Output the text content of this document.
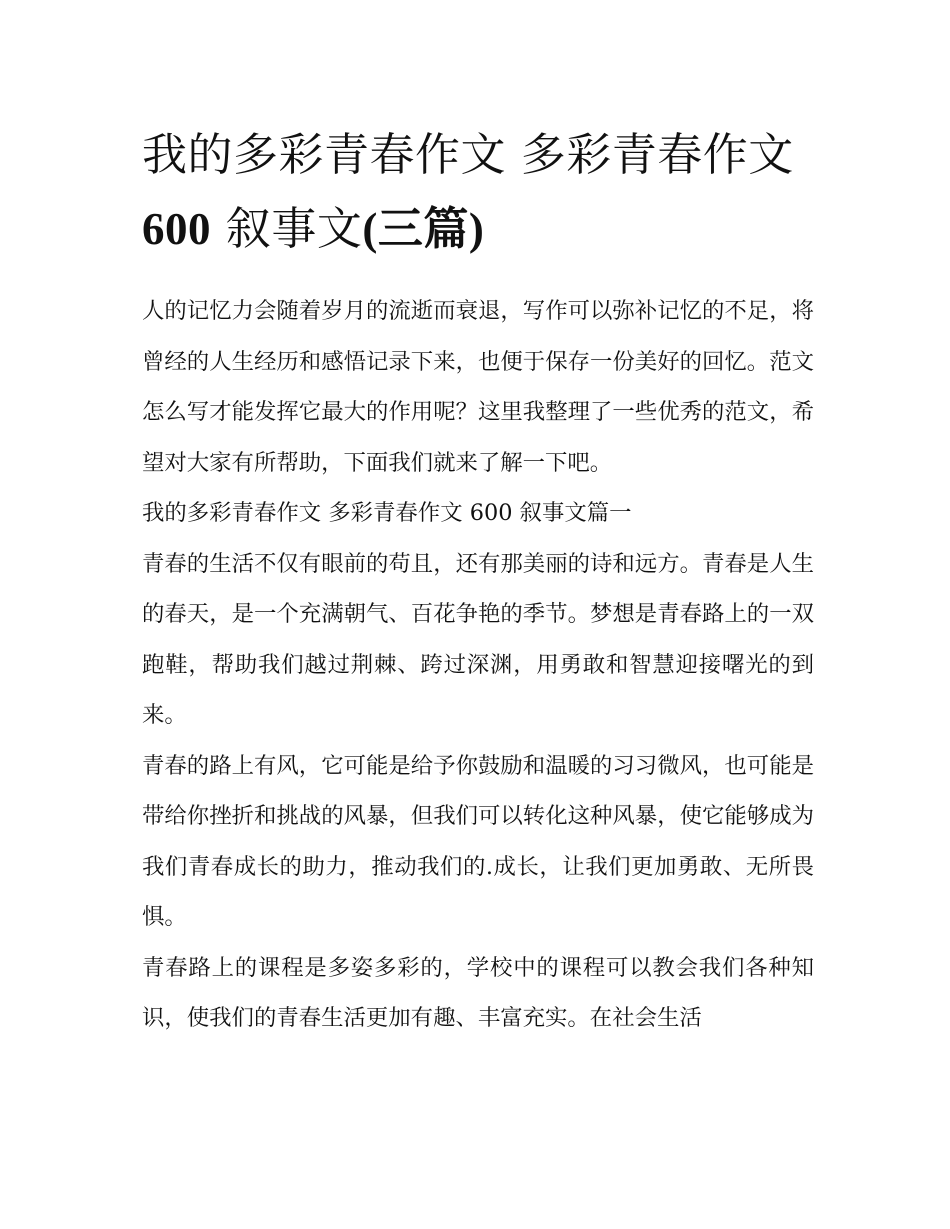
我的多彩青春作文 多彩青春作文 600 叙事文(三篇)

人的记忆力会随着岁月的流逝而衰退，写作可以弥补记忆的不足，将曾经的人生经历和感悟记录下来，也便于保存一份美好的回忆。范文怎么写才能发挥它最大的作用呢？这里我整理了一些优秀的范文，希望对大家有所帮助，下面我们就来了解一下吧。

我的多彩青春作文 多彩青春作文 600 叙事文篇一

青春的生活不仅有眼前的苟且，还有那美丽的诗和远方。青春是人生的春天，是一个充满朝气、百花争艳的季节。梦想是青春路上的一双跑鞋，帮助我们越过荆棘、跨过深渊，用勇敢和智慧迎接曙光的到来。

青春的路上有风，它可能是给予你鼓励和温暖的习习微风，也可能是带给你挫折和挑战的风暴，但我们可以转化这种风暴，使它能够成为我们青春成长的助力，推动我们的.成长，让我们更加勇敢、无所畏惧。

青春路上的课程是多姿多彩的，学校中的课程可以教会我们各种知识，使我们的青春生活更加有趣、丰富充实。在社会生活
